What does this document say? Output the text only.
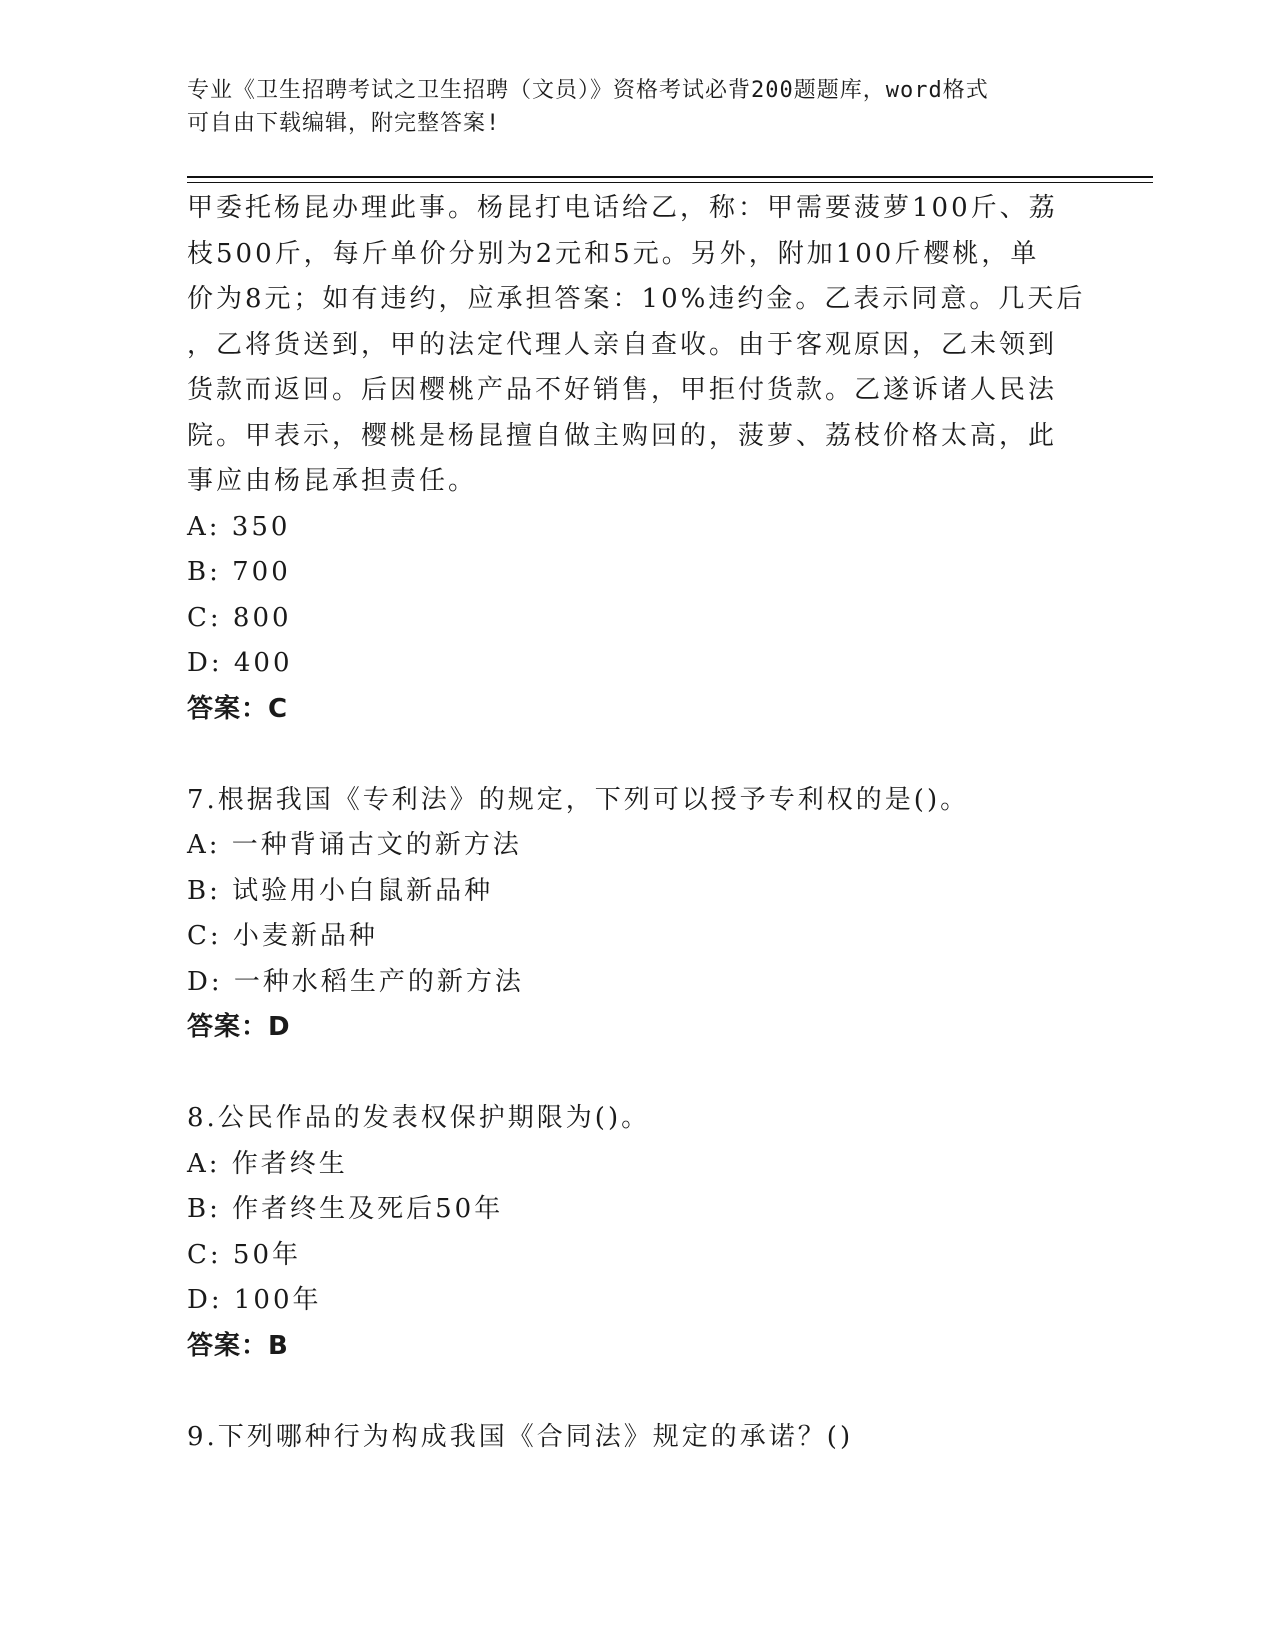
专业《卫生招聘考试之卫生招聘（文员）》资格考试必背200题题库，word格式
可自由下载编辑，附完整答案!
甲委托杨昆办理此事。杨昆打电话给乙，称：甲需要菠萝100斤、荔
枝500斤，每斤单价分别为2元和5元。另外，附加100斤樱桃，单
价为8元；如有违约，应承担答案：10%违约金。乙表示同意。几天后
，乙将货送到，甲的法定代理人亲自查收。由于客观原因，乙未领到
货款而返回。后因樱桃产品不好销售，甲拒付货款。乙遂诉诸人民法
院。甲表示，樱桃是杨昆擅自做主购回的，菠萝、荔枝价格太高，此
事应由杨昆承担责任。
A: 350
B: 700
C: 800
D: 400
答案：C
7.根据我国《专利法》的规定，下列可以授予专利权的是()。
A: 一种背诵古文的新方法
B: 试验用小白鼠新品种
C: 小麦新品种
D: 一种水稻生产的新方法
答案：D
8.公民作品的发表权保护期限为()。
A: 作者终生
B: 作者终生及死后50年
C: 50年
D: 100年
答案：B
9.下列哪种行为构成我国《合同法》规定的承诺？()
